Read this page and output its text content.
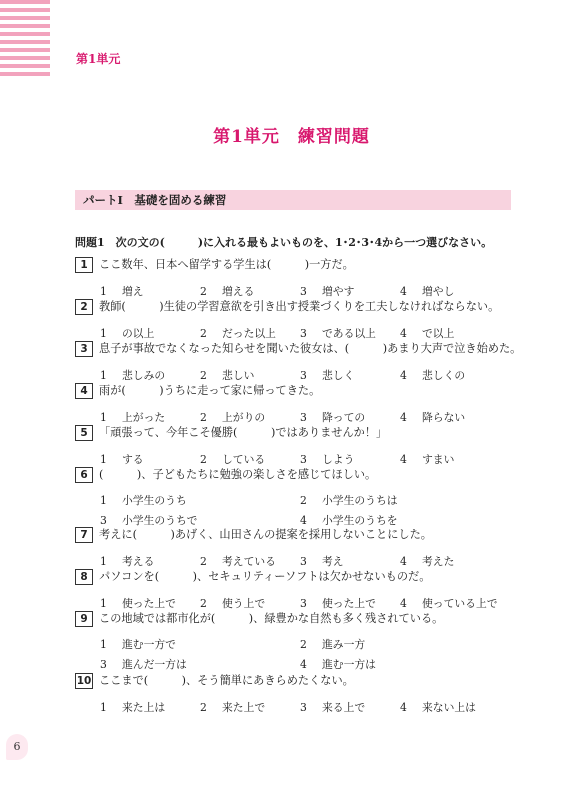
第1単元
第1単元　練習問題
パートⅠ　基礎を固める練習
問題1　次の文の(　　　)に入れる最もよいものを、1･2･3･4から一つ選びなさい。
1 ここ数年、日本へ留学する学生は(　　　)一方だ。
1 増え	2 増える	3 増やす	4 増やし
2 教師(　　　)生徒の学習意欲を引き出す授業づくりを工夫しなければならない。
1 の以上	2 だった以上 3 である以上 4 で以上
3 息子が事故でなくなった知らせを聞いた彼女は、(　　　)あまり大声で泣き始めた。
1 悲しみの	2 悲しい	3 悲しく	4 悲しくの
4 雨が(　　　)うちに走って家に帰ってきた。
1 上がった	2 上がりの	3 降っての	4 降らない
5 「頑張って、今年こそ優勝(　　　)ではありませんか！」
1 する	2 している	3 しよう	4 すまい
6 (　　　)、子どもたちに勉強の楽しさを感じてほしい。
1 小学生のうち	2 小学生のうちは
3 小学生のうちで	4 小学生のうちを
7 考えに(　　　)あげく、山田さんの提案を採用しないことにした。
1 考える	2 考えている 3 考え	4 考えた
8 パソコンを(　　　)、セキュリティーソフトは欠かせないものだ。
1 使った上で 2 使う上で	3 使った上で 4 使っている上で
9 この地域では都市化が(　　　)、緑豊かな自然も多く残されている。
1 進む一方で	2 進み一方
3 進んだ一方は	4 進む一方は
10 ここまで(　　　)、そう簡単にあきらめたくない。
1 来た上は	2 来た上で	3 来る上で	4 来ない上は
6
